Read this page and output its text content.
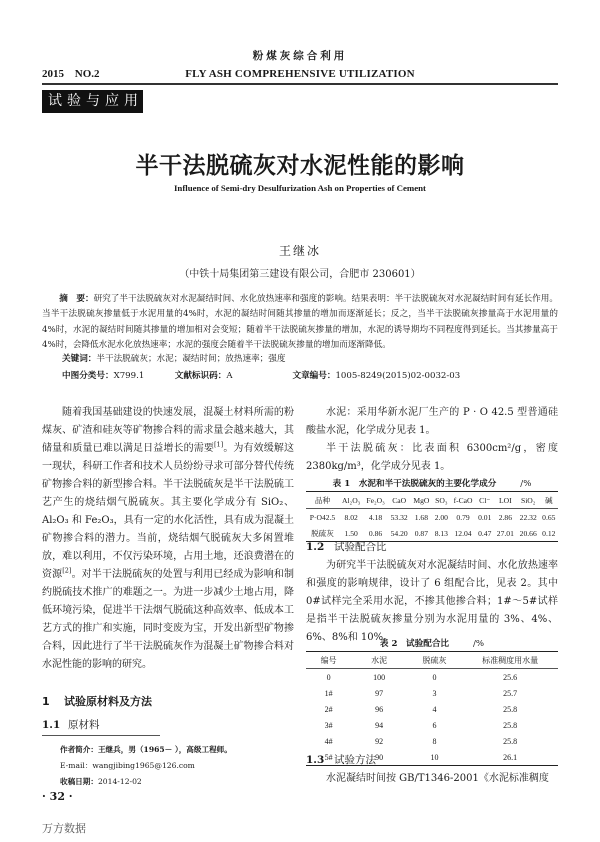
粉煤灰综合利用
2015 NO.2	FLY ASH COMPREHENSIVE UTILIZATION
试验与应用
半干法脱硫灰对水泥性能的影响
Influence of Semi-dry Desulfurization Ash on Properties of Cement
王继冰
（中铁十局集团第三建设有限公司，合肥市 230601）

摘　要：研究了半干法脱硫灰对水泥凝结时间、水化放热速率和强度的影响。结果表明：半干法脱硫灰对水泥凝结时间有延长作用。当半干法脱硫灰掺量低于水泥用量的4%时，水泥的凝结时间随其掺量的增加而逐渐延长；反之，当半干法脱硫灰掺量高于水泥用量的4%时，水泥的凝结时间随其掺量的增加相对会变短；随着半干法脱硫灰掺量的增加，水泥的诱导期均不同程度得到延长。当其掺量高于4%时，会降低水泥水化放热速率；水泥的强度会随着半干法脱硫灰掺量的增加而逐渐降低。

关键词：半干法脱硫灰；水泥；凝结时间；放热速率；强度
中图分类号：X799.1	文献标识码：A	文章编号：1005-8249(2015)02-0032-03

随着我国基础建设的快速发展，混凝土材料所需的粉煤灰、矿渣和硅灰等矿物掺合料的需求量会越来越大，其储量和质量已难以满足日益增长的需要[1]。为有效缓解这一现状，科研工作者和技术人员纷纷寻求可部分替代传统矿物掺合料的新型掺合料。半干法脱硫灰是半干法脱硫工艺产生的烧结烟气脱硫灰。其主要化学成分有 SiO₂、Al₂O₃ 和 Fe₂O₃，具有一定的水化活性，具有成为混凝土矿物掺合料的潜力。当前，烧结烟气脱硫灰大多闲置堆放，难以利用，不仅污染环境，占用土地，还浪费潜在的资源[2]。对半干法脱硫灰的处置与利用已经成为影响和制约脱硫技术推广的难题之一。为进一步减少土地占用，降低环境污染，促进半干法烟气脱硫这种高效率、低成本工艺方式的推广和实施，同时变废为宝，开发出新型矿物掺合料，因此进行了半干法脱硫灰作为混凝土矿物掺合料对水泥性能的影响的研究。

1 试验原材料及方法
1.1 原材料
作者简介：王继兵，男（1965－ ），高级工程师。
E-mail：wangjibing1965@126.com
收稿日期：2014-12-02
· 32 ·
万方数据

水泥：采用华新水泥厂生产的 P · O 42.5 型普通硅酸盐水泥，化学成分见表 1。

半干法脱硫灰：比表面积 6300cm²/g，密度 2380kg/m³，化学成分见表 1。

表 1　水泥和半干法脱硫灰的主要化学成分	/%
品种	Al₂O₃	Fe₂O₃	CaO	MgO	SO₃	f-CaO	Cl⁻	LOI	SiO₂	碱
P·O42.5	8.02	4.18	53.32	1.68	2.00	0.79	0.01	2.86	22.32	0.65
脱硫灰	1.50	0.86	54.20	0.87	8.13	12.04	0.47	27.01	20.66	0.12
1.2 试验配合比

为研究半干法脱硫灰对水泥凝结时间、水化放热速率和强度的影响规律，设计了 6 组配合比，见表 2。其中 0#试样完全采用水泥，不掺其他掺合料；1#～5#试样是指半干法脱硫灰掺量分别为水泥用量的 3%、4%、6%、8%和 10%。

表 2　试验配合比	/%
编号	水泥	脱硫灰	标准稠度用水量
0	100	0	25.6
1#	97	3	25.7
2#	96	4	25.8
3#	94	6	25.8
4#	92	8	25.8
5#	90	10	26.1
1.3 试验方法

水泥凝结时间按 GB/T1346-2001《水泥标准稠度
